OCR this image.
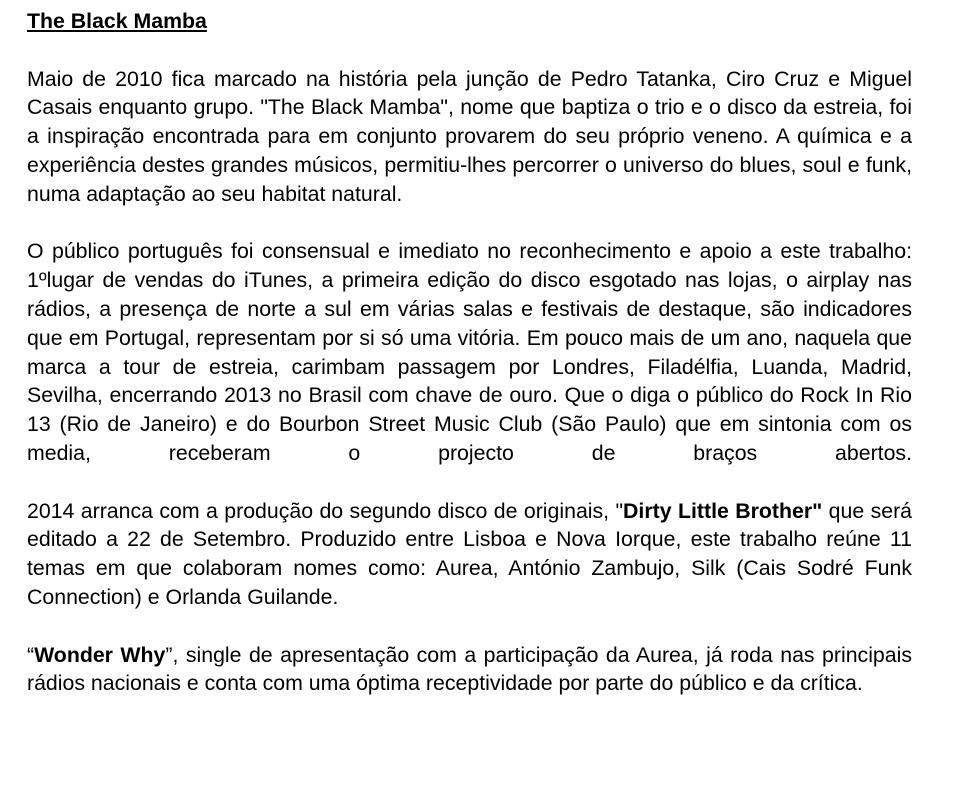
The Black Mamba

Maio de 2010 fica marcado na história pela junção de Pedro Tatanka, Ciro Cruz e Miguel Casais enquanto grupo. "The Black Mamba", nome que baptiza o trio e o disco da estreia, foi a inspiração encontrada para em conjunto provarem do seu próprio veneno. A química e a experiência destes grandes músicos, permitiu-lhes percorrer o universo do blues, soul e funk, numa adaptação ao seu habitat natural.

O público português foi consensual e imediato no reconhecimento e apoio a este trabalho: 1ºlugar de vendas do iTunes, a primeira edição do disco esgotado nas lojas, o airplay nas rádios, a presença de norte a sul em várias salas e festivais de destaque, são indicadores que em Portugal, representam por si só uma vitória. Em pouco mais de um ano, naquela que marca a tour de estreia, carimbam passagem por Londres, Filadélfia, Luanda, Madrid, Sevilha, encerrando 2013 no Brasil com chave de ouro. Que o diga o público do Rock In Rio 13 (Rio de Janeiro) e do Bourbon Street Music Club (São Paulo) que em sintonia com os media, receberam o projecto de braços abertos.

2014 arranca com a produção do segundo disco de originais, "Dirty Little Brother" que será editado a 22 de Setembro. Produzido entre Lisboa e Nova Iorque, este trabalho reúne 11 temas em que colaboram nomes como: Aurea, António Zambujo, Silk (Cais Sodré Funk Connection) e Orlanda Guilande.

“Wonder Why”, single de apresentação com a participação da Aurea, já roda nas principais rádios nacionais e conta com uma óptima receptividade por parte do público e da crítica.
